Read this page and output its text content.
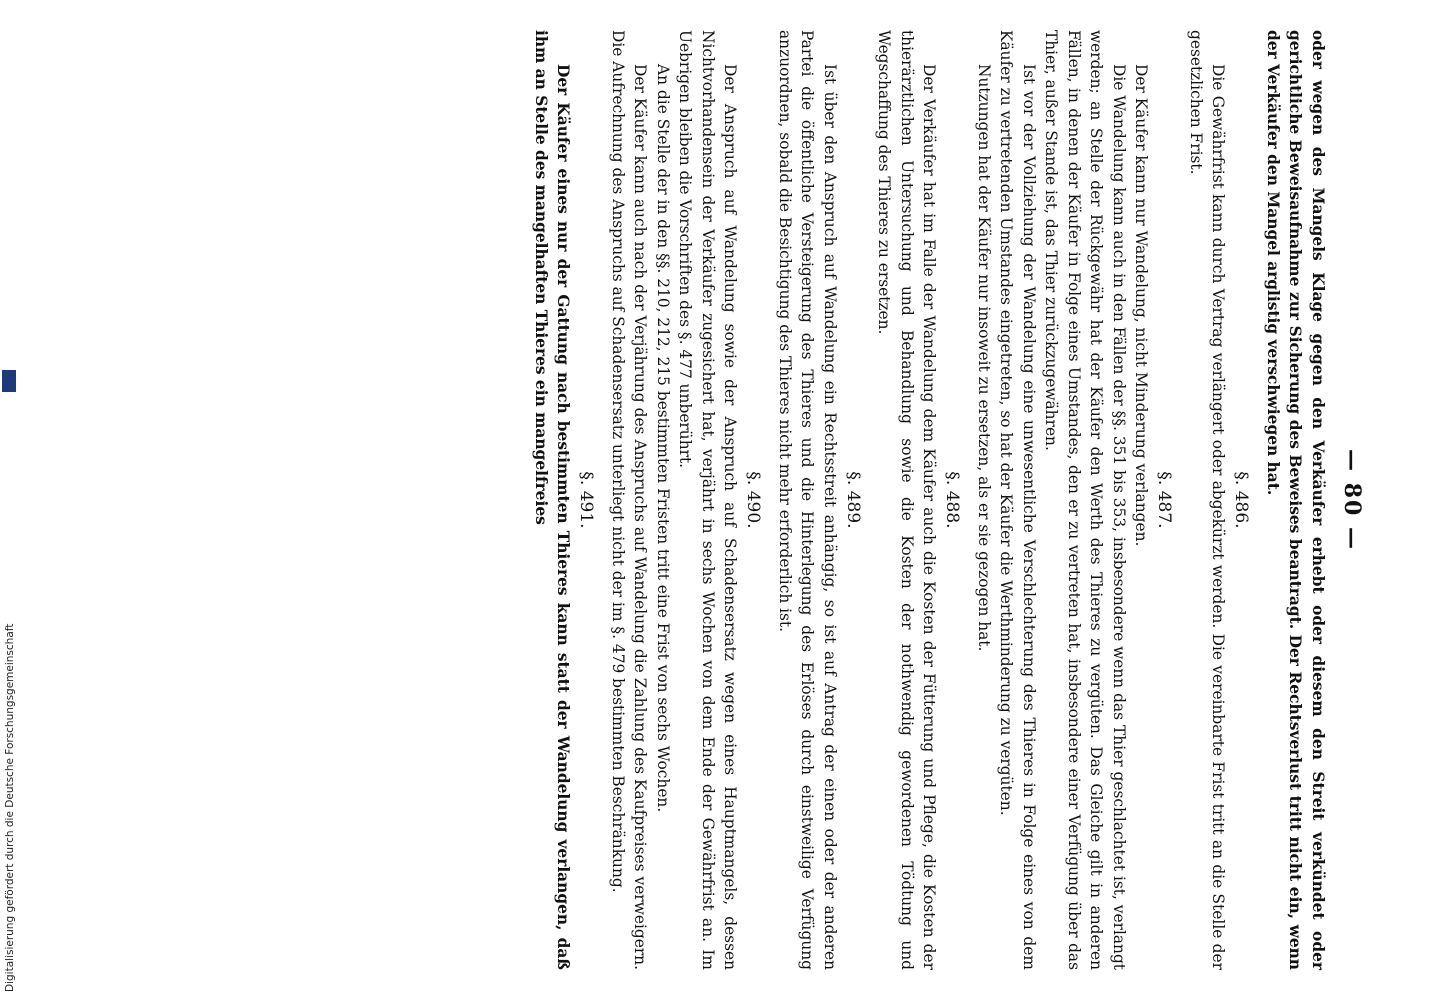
— 80 —

oder wegen des Mangels Klage gegen den Verkäufer erhebt oder diesem den Streit verkündet oder gerichtliche Beweisaufnahme zur Sicherung des Beweises beantragt. Der Rechtsverlust tritt nicht ein, wenn der Verkäufer den Mangel arglistig verschwiegen hat.

§. 486.

Die Gewährfrist kann durch Vertrag verlängert oder abgekürzt werden. Die vereinbarte Frist tritt an die Stelle der gesetzlichen Frist.

§. 487.

Der Käufer kann nur Wandelung, nicht Minderung verlangen.

Die Wandelung kann auch in den Fällen der §§. 351 bis 353, insbesondere wenn das Thier geschlachtet ist, verlangt werden; an Stelle der Rückgewähr hat der Käufer den Werth des Thieres zu vergüten. Das Gleiche gilt in anderen Fällen, in denen der Käufer in Folge eines Umstandes, den er zu vertreten hat, insbesondere einer Verfügung über das Thier, außer Stande ist, das Thier zurückzugewähren.

Ist vor der Vollziehung der Wandelung eine unwesentliche Verschlechterung des Thieres in Folge eines von dem Käufer zu vertretenden Umstandes eingetreten, so hat der Käufer die Werthminderung zu vergüten.

Nutzungen hat der Käufer nur insoweit zu ersetzen, als er sie gezogen hat.

§. 488.

Der Verkäufer hat im Falle der Wandelung dem Käufer auch die Kosten der Fütterung und Pflege, die Kosten der thierärztlichen Untersuchung und Behandlung sowie die Kosten der nothwendig gewordenen Tödtung und Wegschaffung des Thieres zu ersetzen.

§. 489.

Ist über den Anspruch auf Wandelung ein Rechtsstreit anhängig, so ist auf Antrag der einen oder der anderen Partei die öffentliche Versteigerung des Thieres und die Hinterlegung des Erlöses durch einstweilige Verfügung anzuordnen, sobald die Besichtigung des Thieres nicht mehr erforderlich ist.

§. 490.

Der Anspruch auf Wandelung sowie der Anspruch auf Schadensersatz wegen eines Hauptmangels, dessen Nichtvorhandensein der Verkäufer zugesichert hat, verjährt in sechs Wochen von dem Ende der Gewährfrist an. Im Uebrigen bleiben die Vorschriften des §. 477 unberührt.

An die Stelle der in den §§. 210, 212, 215 bestimmten Fristen tritt eine Frist von sechs Wochen.

Der Käufer kann auch nach der Verjährung des Anspruchs auf Wandelung die Zahlung des Kaufpreises verweigern. Die Aufrechnung des Anspruchs auf Schadensersatz unterliegt nicht der im §. 479 bestimmten Beschränkung.

§. 491.

Der Käufer eines nur der Gattung nach bestimmten Thieres kann statt der Wandelung verlangen, daß ihm an Stelle des mangelhaften Thieres ein mangelfreies

Digitalisierung gefördert durch die Deutsche Forschungsgemeinschaft
